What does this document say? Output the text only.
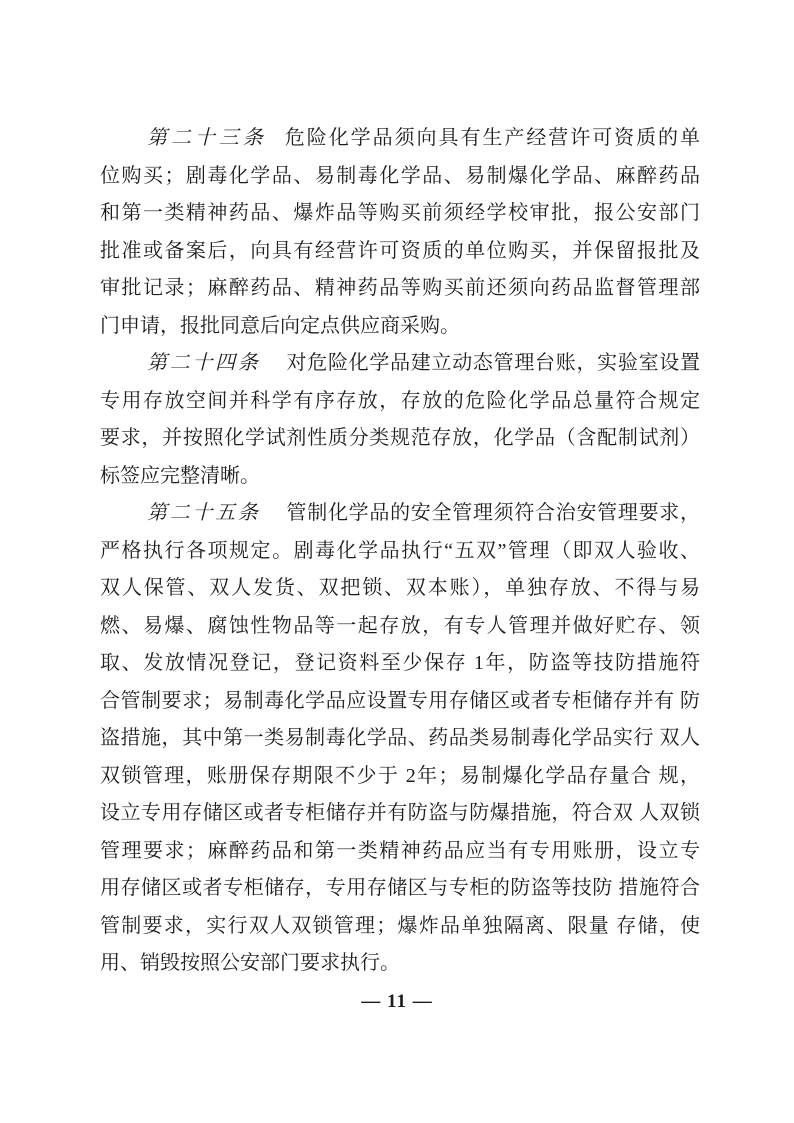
第二十三条 危险化学品须向具有生产经营许可资质的单
位购买；剧毒化学品、易制毒化学品、易制爆化学品、麻醉药品
和第一类精神药品、爆炸品等购买前须经学校审批，报公安部门
批准或备案后，向具有经营许可资质的单位购买，并保留报批及
审批记录；麻醉药品、精神药品等购买前还须向药品监督管理部
门申请，报批同意后向定点供应商采购。
第二十四条 对危险化学品建立动态管理台账，实验室设置
专用存放空间并科学有序存放，存放的危险化学品总量符合规定
要求，并按照化学试剂性质分类规范存放，化学品（含配制试剂）
标签应完整清晰。
第二十五条 管制化学品的安全管理须符合治安管理要求，
严格执行各项规定。剧毒化学品执行“五双”管理（即双人验收、
双人保管、双人发货、双把锁、双本账），单独存放、不得与易
燃、易爆、腐蚀性物品等一起存放，有专人管理并做好贮存、领
取、发放情况登记，登记资料至少保存 1年，防盗等技防措施符
合管制要求；易制毒化学品应设置专用存储区或者专柜储存并有 防
盗措施，其中第一类易制毒化学品、药品类易制毒化学品实行 双人
双锁管理，账册保存期限不少于 2年；易制爆化学品存量合 规，
设立专用存储区或者专柜储存并有防盗与防爆措施，符合双 人双锁
管理要求；麻醉药品和第一类精神药品应当有专用账册，设立专
用存储区或者专柜储存，专用存储区与专柜的防盗等技防 措施符合
管制要求，实行双人双锁管理；爆炸品单独隔离、限量 存储，使
用、销毁按照公安部门要求执行。
— 11 —
